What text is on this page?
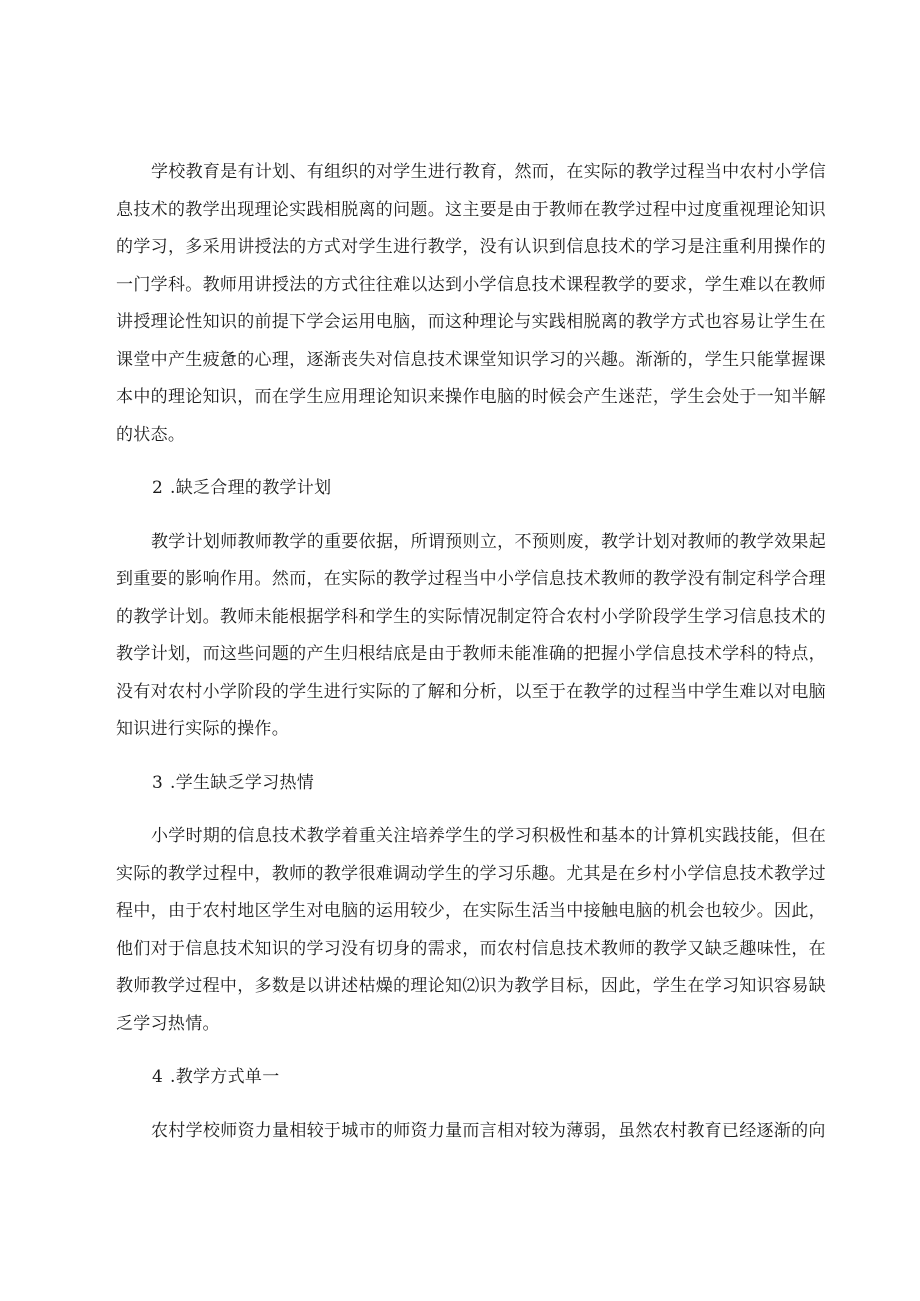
学校教育是有计划、有组织的对学生进行教育，然而，在实际的教学过程当中农村小学信息技术的教学出现理论实践相脱离的问题。这主要是由于教师在教学过程中过度重视理论知识的学习，多采用讲授法的方式对学生进行教学，没有认识到信息技术的学习是注重利用操作的一门学科。教师用讲授法的方式往往难以达到小学信息技术课程教学的要求，学生难以在教师讲授理论性知识的前提下学会运用电脑，而这种理论与实践相脱离的教学方式也容易让学生在课堂中产生疲惫的心理，逐渐丧失对信息技术课堂知识学习的兴趣。渐渐的，学生只能掌握课本中的理论知识，而在学生应用理论知识来操作电脑的时候会产生迷茫，学生会处于一知半解的状态。

2 .缺乏合理的教学计划

教学计划师教师教学的重要依据，所谓预则立，不预则废，教学计划对教师的教学效果起到重要的影响作用。然而，在实际的教学过程当中小学信息技术教师的教学没有制定科学合理的教学计划。教师未能根据学科和学生的实际情况制定符合农村小学阶段学生学习信息技术的教学计划，而这些问题的产生归根结底是由于教师未能准确的把握小学信息技术学科的特点，没有对农村小学阶段的学生进行实际的了解和分析，以至于在教学的过程当中学生难以对电脑知识进行实际的操作。

3 .学生缺乏学习热情

小学时期的信息技术教学着重关注培养学生的学习积极性和基本的计算机实践技能，但在实际的教学过程中，教师的教学很难调动学生的学习乐趣。尤其是在乡村小学信息技术教学过程中，由于农村地区学生对电脑的运用较少，在实际生活当中接触电脑的机会也较少。因此，他们对于信息技术知识的学习没有切身的需求，而农村信息技术教师的教学又缺乏趣味性，在教师教学过程中，多数是以讲述枯燥的理论知⑵识为教学目标，因此，学生在学习知识容易缺乏学习热情。

4 .教学方式单一

农村学校师资力量相较于城市的师资力量而言相对较为薄弱，虽然农村教育已经逐渐的向
